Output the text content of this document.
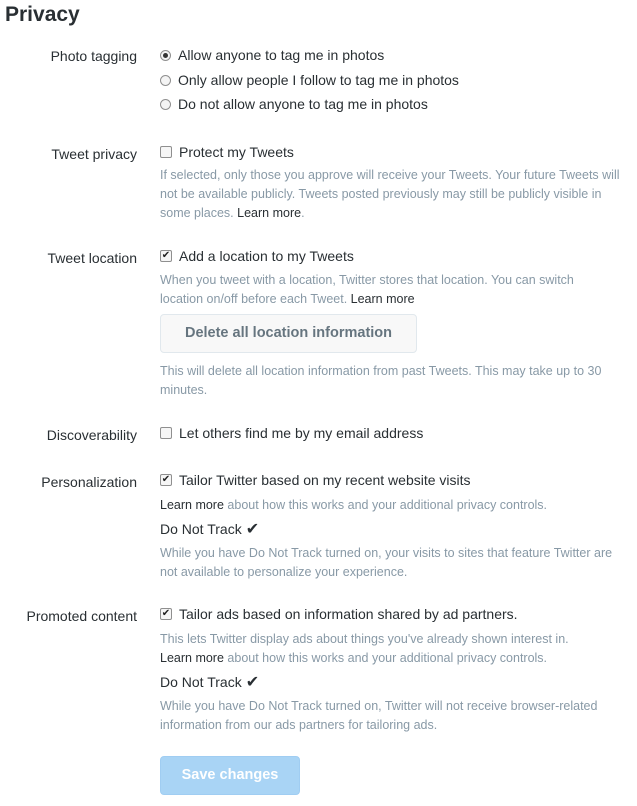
Privacy
Photo tagging	Allow anyone to tag me in photos
Only allow people I follow to tag me in photos
Do not allow anyone to tag me in photos
Tweet privacy	Protect my Tweets
If selected, only those you approve will receive your Tweets. Your future Tweets will not be available publicly. Tweets posted previously may still be publicly visible in some places. Learn more.
Tweet location ✔ Add a location to my Tweets
When you tweet with a location, Twitter stores that location. You can switch location on/off before each Tweet. Learn more
Delete all location information
This will delete all location information from past Tweets. This may take up to 30 minutes.
Discoverability	Let others find me by my email address
Personalization ✔ Tailor Twitter based on my recent website visits
Learn more about how this works and your additional privacy controls.
Do Not Track ✔
While you have Do Not Track turned on, your visits to sites that feature Twitter are not available to personalize your experience.
Promoted content ✔ Tailor ads based on information shared by ad partners.
This lets Twitter display ads about things you've already shown interest in.
Learn more about how this works and your additional privacy controls.
Do Not Track ✔
While you have Do Not Track turned on, Twitter will not receive browser-related information from our ads partners for tailoring ads.
Save changes
